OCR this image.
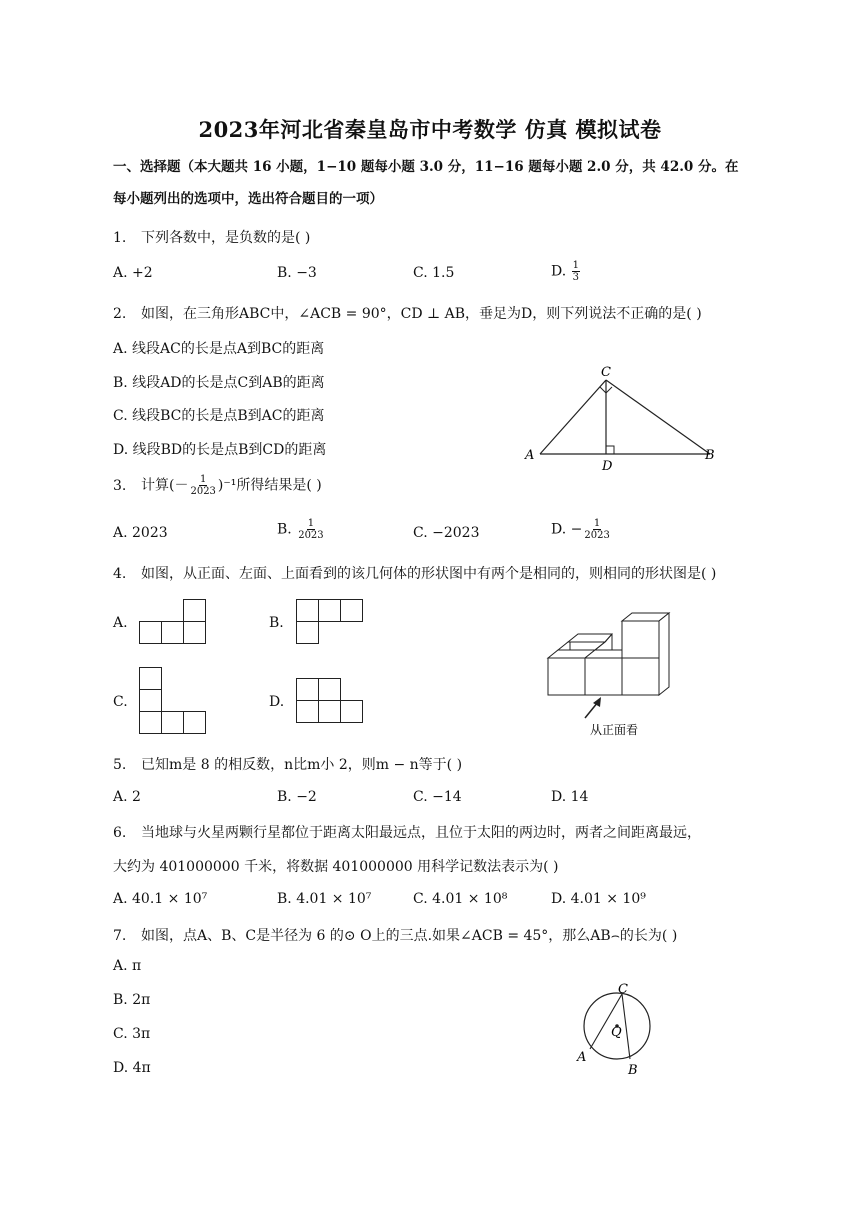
2023年河北省秦皇岛市中考数学 仿真 模拟试卷
一、选择题（本大题共 16 小题，1−10 题每小题 3.0 分，11−16 题每小题 2.0 分，共 42.0 分。在
每小题列出的选项中，选出符合题目的一项）
1. 下列各数中，是负数的是( )
A. +2	B. −3	C. 1.5	D. $\frac{1}{3}$
2. 如图，在三角形ABC中，∠ACB = 90°，CD ⊥ AB，垂足为D，则下列说法不正确的是( )
A. 线段AC的长是点A到BC的距离
B. 线段AD的长是点C到AB的距离
C. 线段BC的长是点B到AC的距离
D. 线段BD的长是点B到CD的距离
C
A
D
B
3. 计算(－ $\frac{1}{2023} )^{-1}$所得结果是( )
A. 2023	B. $\frac{1}{2023}$	C. −2023	D. − $\frac{1}{2023}$
4. 如图，从正面、左面、上面看到的该几何体的形状图中有两个是相同的，则相同的形状图是( )
A.	B.
C.	D.
从正面看
5. 已知m是 8 的相反数，n比m小 2，则m − n等于( )
A. 2	B. −2	C. −14	D. 14
6. 当地球与火星两颗行星都位于距离太阳最远点，且位于太阳的两边时，两者之间距离最远，
大约为 401000000 千米，将数据 401000000 用科学记数法表示为( )
A. 40.1 × 10⁷	B. 4.01 × 10⁷	C. 4.01 × 10⁸	D. 4.01 × 10⁹
7. 如图，点A、B、C是半径为 6 的⊙ O上的三点.如果∠ACB = 45°，那么AB⌢的长为( )
A. π
B. 2π
C. 3π
D. 4π
C
Q
A
B
